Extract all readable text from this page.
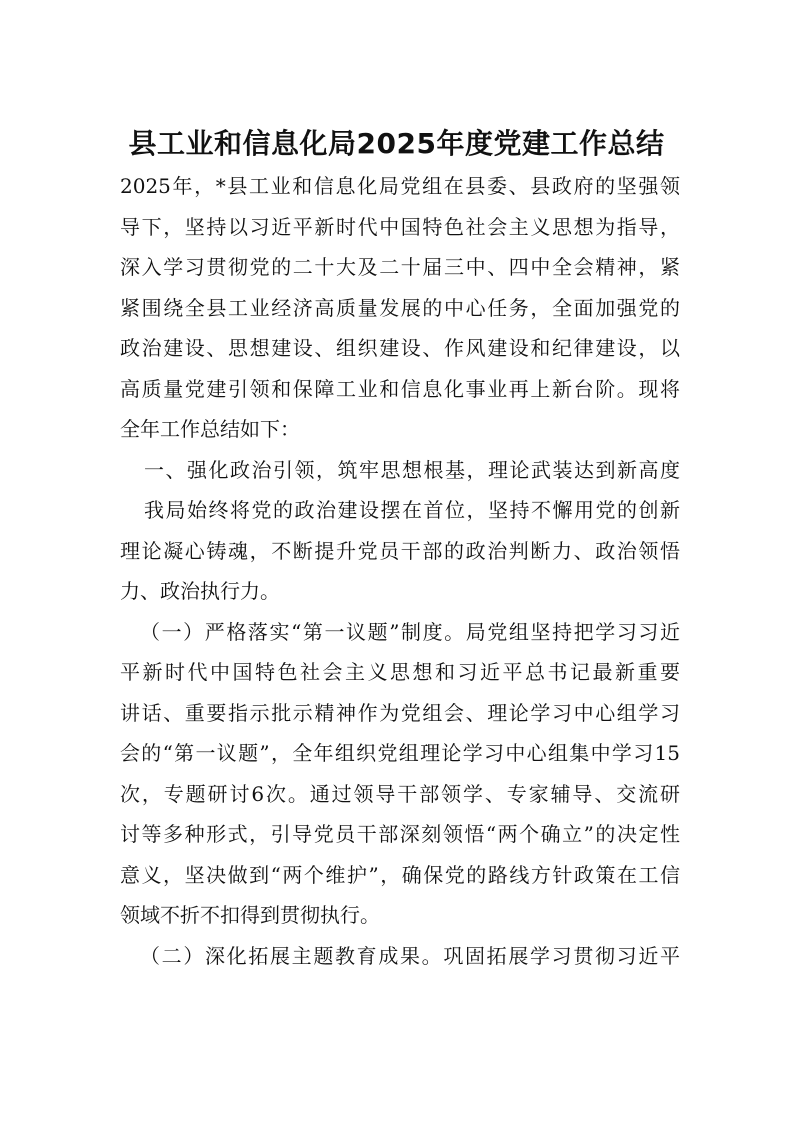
县工业和信息化局2025年度党建工作总结
2025年，*县工业和信息化局党组在县委、县政府的坚强领
导下，坚持以习近平新时代中国特色社会主义思想为指导，
深入学习贯彻党的二十大及二十届三中、四中全会精神，紧
紧围绕全县工业经济高质量发展的中心任务，全面加强党的
政治建设、思想建设、组织建设、作风建设和纪律建设，以
高质量党建引领和保障工业和信息化事业再上新台阶。现将
全年工作总结如下：
一、强化政治引领，筑牢思想根基，理论武装达到新高度
我局始终将党的政治建设摆在首位，坚持不懈用党的创新
理论凝心铸魂，不断提升党员干部的政治判断力、政治领悟
力、政治执行力。
（一）严格落实“第一议题”制度。局党组坚持把学习习近
平新时代中国特色社会主义思想和习近平总书记最新重要
讲话、重要指示批示精神作为党组会、理论学习中心组学习
会的“第一议题”，全年组织党组理论学习中心组集中学习15
次，专题研讨6次。通过领导干部领学、专家辅导、交流研
讨等多种形式，引导党员干部深刻领悟“两个确立”的决定性
意义，坚决做到“两个维护”，确保党的路线方针政策在工信
领域不折不扣得到贯彻执行。
（二）深化拓展主题教育成果。巩固拓展学习贯彻习近平
